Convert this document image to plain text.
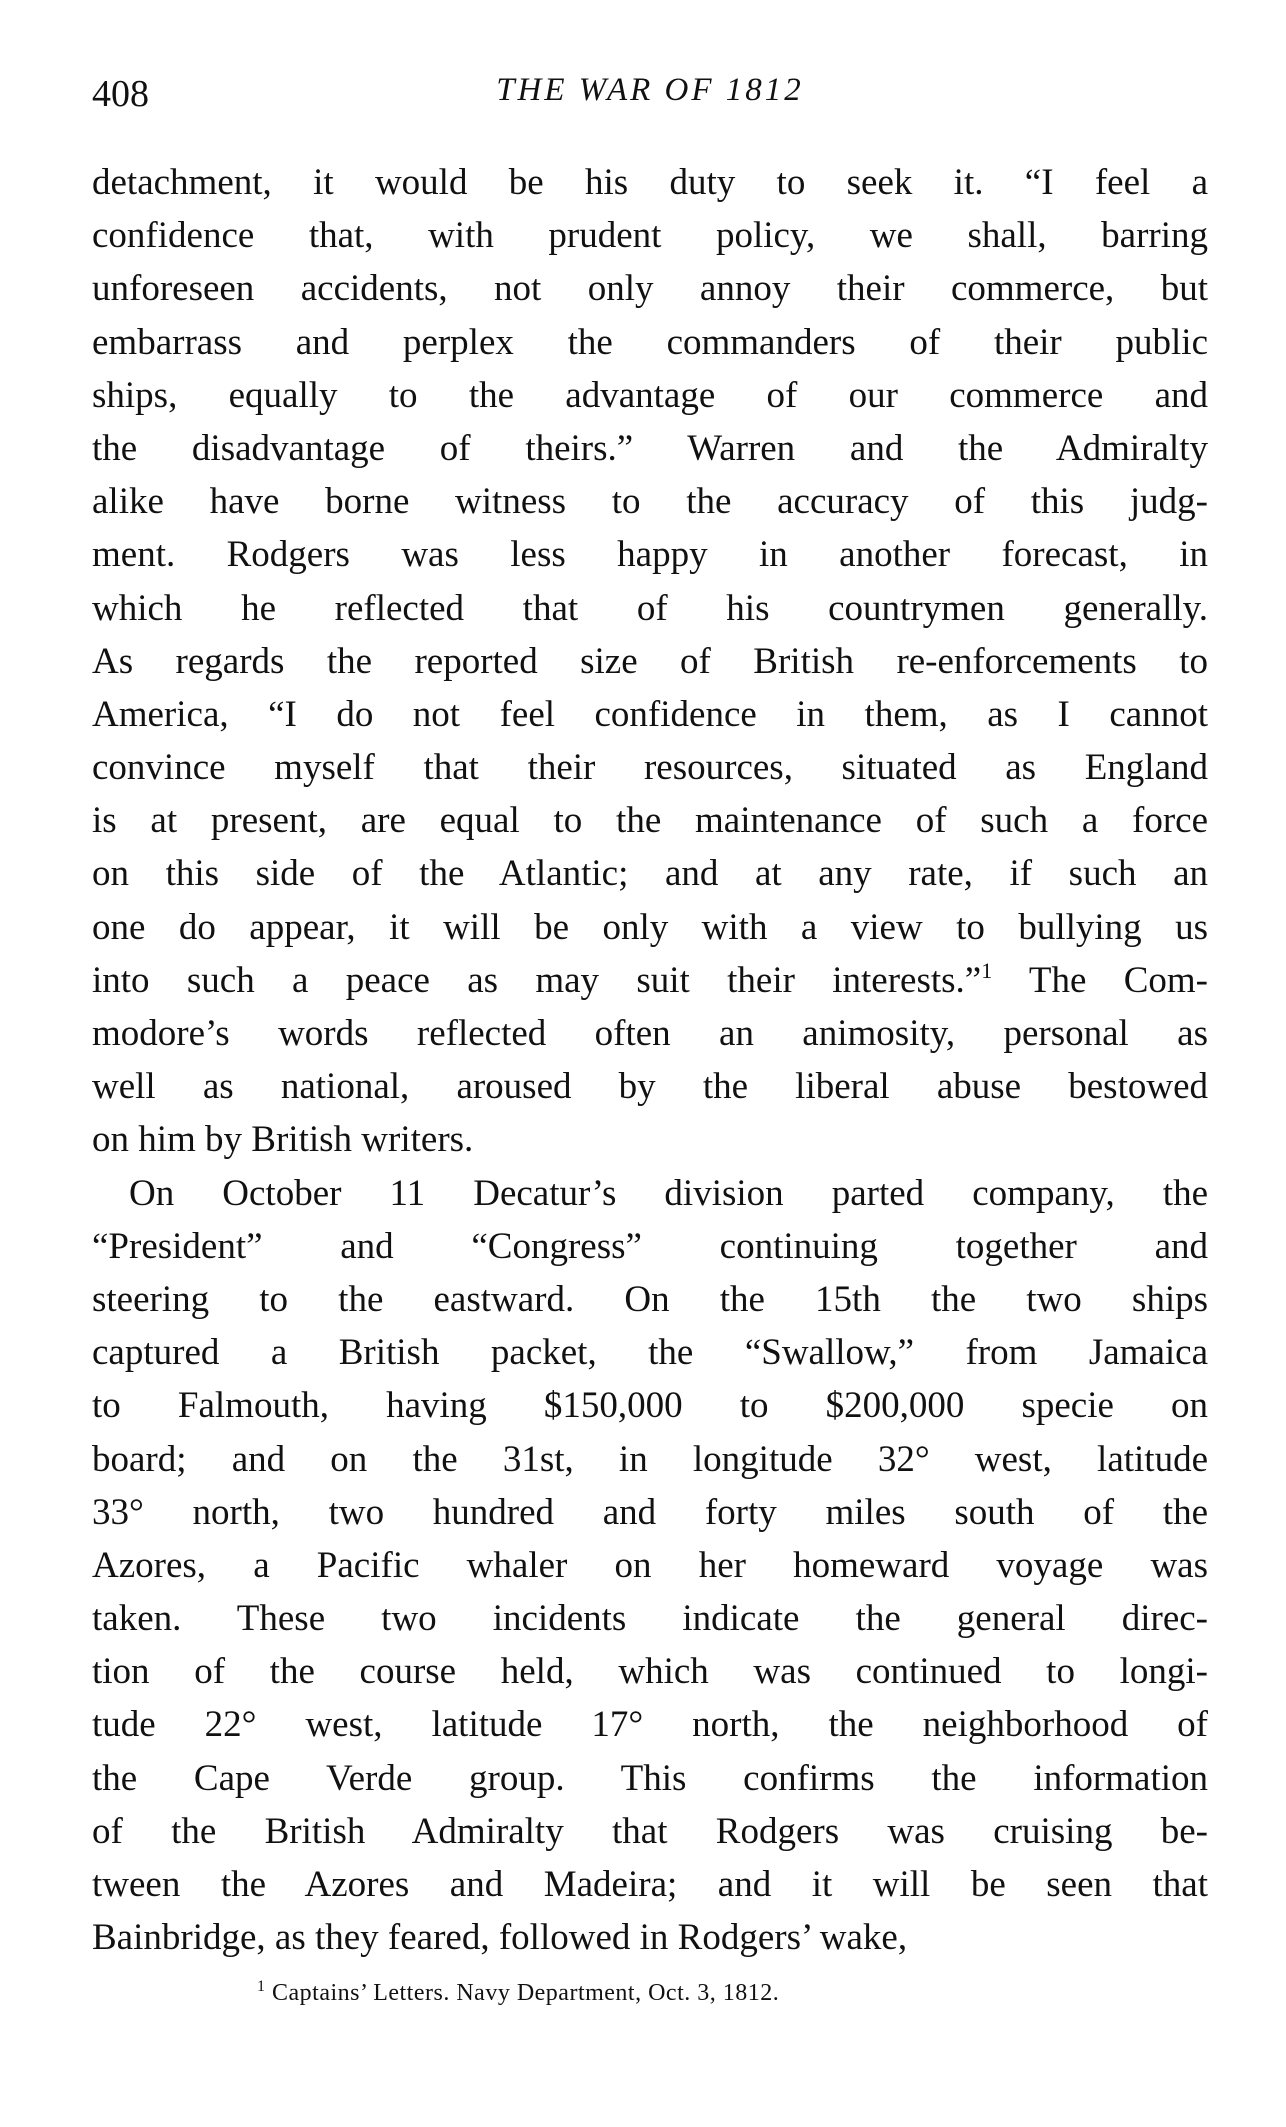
408	THE WAR OF 1812
detachment, it would be his duty to seek it. “I feel a
confidence that, with prudent policy, we shall, barring
unforeseen accidents, not only annoy their commerce, but
embarrass and perplex the commanders of their public
ships, equally to the advantage of our commerce and
the disadvantage of theirs.” Warren and the Admiralty
alike have borne witness to the accuracy of this judg-
ment. Rodgers was less happy in another forecast, in
which he reflected that of his countrymen generally.
As regards the reported size of British re-enforcements to
America, “I do not feel confidence in them, as I cannot
convince myself that their resources, situated as England
is at present, are equal to the maintenance of such a force
on this side of the Atlantic; and at any rate, if such an
one do appear, it will be only with a view to bullying us
into such a peace as may suit their interests.”$^1$ The Com-
modore’s words reflected often an animosity, personal as
well as national, aroused by the liberal abuse bestowed
on him by British writers.
On October 11 Decatur’s division parted company, the
“President” and “Congress” continuing together and
steering to the eastward. On the 15th the two ships
captured a British packet, the “Swallow,” from Jamaica
to Falmouth, having $150,000 to $200,000 specie on
board; and on the 31st, in longitude 32° west, latitude
33° north, two hundred and forty miles south of the
Azores, a Pacific whaler on her homeward voyage was
taken. These two incidents indicate the general direc-
tion of the course held, which was continued to longi-
tude 22° west, latitude 17° north, the neighborhood of
the Cape Verde group. This confirms the information
of the British Admiralty that Rodgers was cruising be-
tween the Azores and Madeira; and it will be seen that
Bainbridge, as they feared, followed in Rodgers’ wake,
$^1$ Captains’ Letters. Navy Department, Oct. 3, 1812.
